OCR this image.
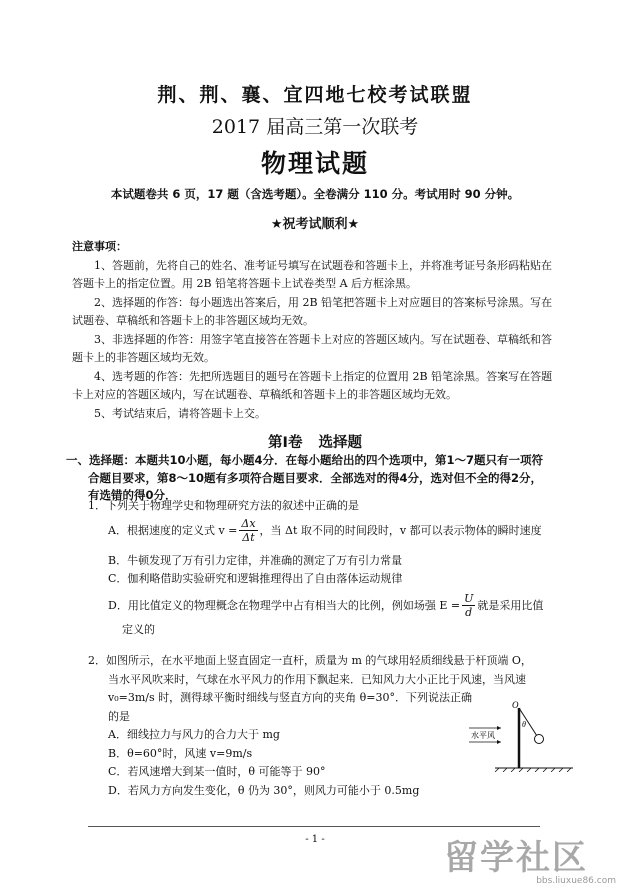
荆、荆、襄、宜四地七校考试联盟
2017 届高三第一次联考
物理试题
本试题卷共 6 页，17 题（含选考题）。全卷满分 110 分。考试用时 90 分钟。
★祝考试顺利★

注意事项：

1、答题前，先将自己的姓名、准考证号填写在试题卷和答题卡上，并将准考证号条形码粘贴在答题卡上的指定位置。用 2B 铅笔将答题卡上试卷类型 A 后方框涂黑。

2、选择题的作答：每小题选出答案后，用 2B 铅笔把答题卡上对应题目的答案标号涂黑。写在试题卷、草稿纸和答题卡上的非答题区域均无效。

3、非选择题的作答：用签字笔直接答在答题卡上对应的答题区域内。写在试题卷、草稿纸和答题卡上的非答题区域均无效。

4、选考题的作答：先把所选题目的题号在答题卡上指定的位置用 2B 铅笔涂黑。答案写在答题卡上对应的答题区域内，写在试题卷、草稿纸和答题卡上的非答题区域均无效。

5、考试结束后，请将答题卡上交。

第Ⅰ卷 选择题

一、选择题：本题共10小题，每小题4分．在每小题给出的四个选项中，第1～7题只有一项符

合题目要求，第8～10题有多项符合题目要求．全部选对的得4分，选对但不全的得2分，

有选错的得0分．

1．下列关于物理学史和物理研究方法的叙述中正确的是

A．根据速度的定义式 $v = \frac{\Delta x}{\Delta t}$ ，当 Δt 取不同的时间段时，v 都可以表示物体的瞬时速度

B．牛顿发现了万有引力定律，并准确的测定了万有引力常量

C．伽利略借助实验研究和逻辑推理得出了自由落体运动规律

D．用比值定义的物理概念在物理学中占有相当大的比例，例如场强 $E = \frac{U}{d}$ 就是采用比值

定义的

2．如图所示，在水平地面上竖直固定一直杆，质量为 m 的气球用轻质细线悬于杆顶端 O，

当水平风吹来时，气球在水平风力的作用下飘起来．已知风力大小正比于风速，当风速

v₀=3m/s 时，测得球平衡时细线与竖直方向的夹角 θ=30°．下列说法正确

的是

A．细线拉力与风力的合力大于 mg

B．θ=60°时，风速 v=9m/s

C．若风速增大到某一值时，θ 可能等于 90°

D．若风力方向发生变化，θ 仍为 30°，则风力可能小于 0.5mg

O
θ
水平风
- 1 -	留学社区
bbs.liuxue86.com
